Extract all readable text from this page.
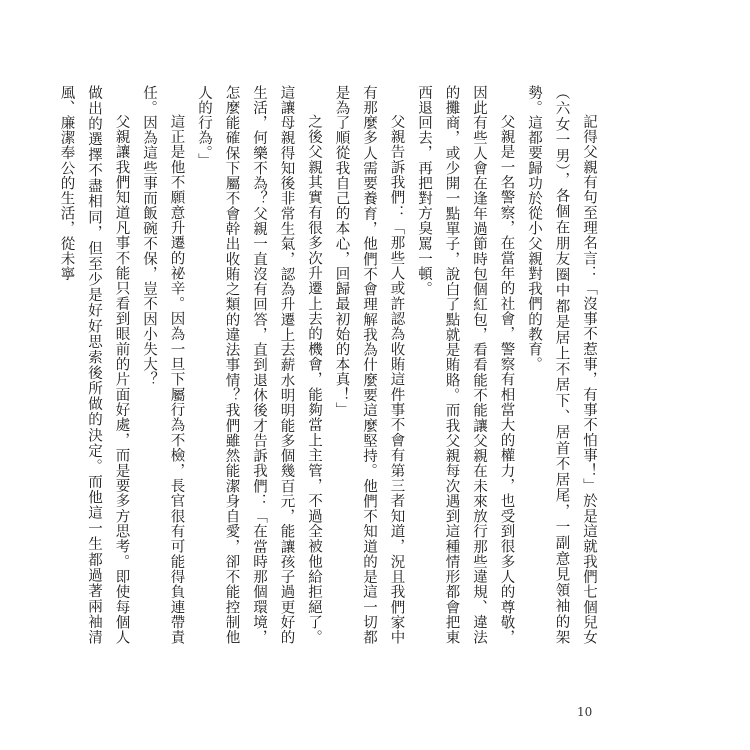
記得父親有句至理名言：「沒事不惹事，有事不怕事！」於是這就我們七個兒女（六女一男），各個在朋友圈中都是居上不居下、居首不居尾，一副意見領袖的架勢。這都要歸功於從小父親對我們的教育。

父親是一名警察，在當年的社會，警察有相當大的權力，也受到很多人的尊敬，因此有些人會在逢年過節時包個紅包，看看能不能讓父親在未來放行那些違規、違法的攤商，或少開一點單子，說白了點就是賄賂。而我父親每次遇到這種情形都會把東西退回去，再把對方臭罵一頓。

父親告訴我們：「那些人或許認為收賄這件事不會有第三者知道，況且我們家中有那麼多人需要養育，他們不會理解我為什麼要這麼堅持。他們不知道的是這一切都是為了順從我自己的本心，回歸最初始的本真！」

之後父親其實有很多次升遷上去的機會，能夠當上主管，不過全被他給拒絕了。這讓母親得知後非常生氣，認為升遷上去薪水明明能多個幾百元，能讓孩子過更好的生活，何樂不為？父親一直沒有回答，直到退休後才告訴我們：「在當時那個環境，怎麼能確保下屬不會幹出收賄之類的違法事情？我們雖然能潔身自愛，卻不能控制他人的行為。」

這正是他不願意升遷的祕辛。因為一旦下屬行為不檢，長官很有可能得負連帶責任。因為這些事而飯碗不保，豈不因小失大？

父親讓我們知道凡事不能只看到眼前的片面好處，而是要多方思考。即使每個人做出的選擇不盡相同，但至少是好好思索後所做的決定。而他這一生都過著兩袖清風、廉潔奉公的生活，從未寧

10
